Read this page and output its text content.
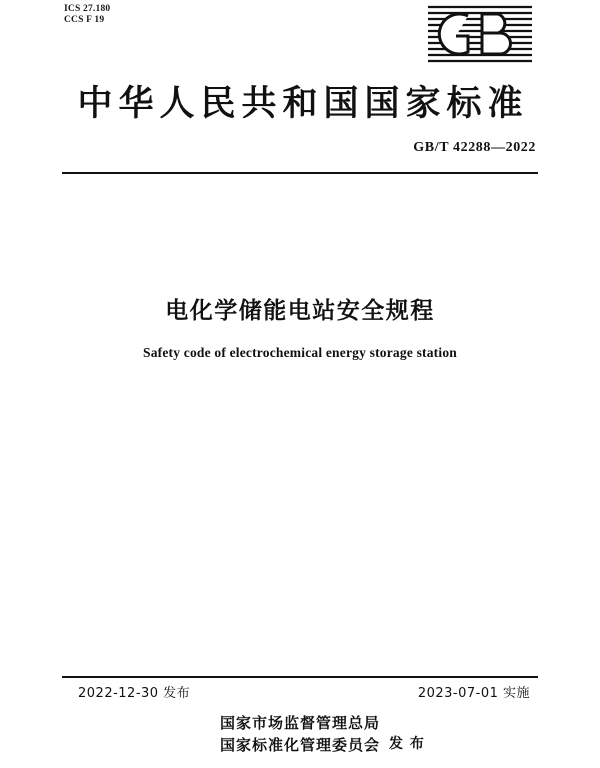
ICS 27.180
CCS F 19
中华人民共和国国家标准
GB/T 42288—2022
电化学储能电站安全规程
Safety code of electrochemical energy storage station
2022-12-30 发布	2023-07-01 实施
国家市场监督管理总局
国家标准化管理委员会 发 布
